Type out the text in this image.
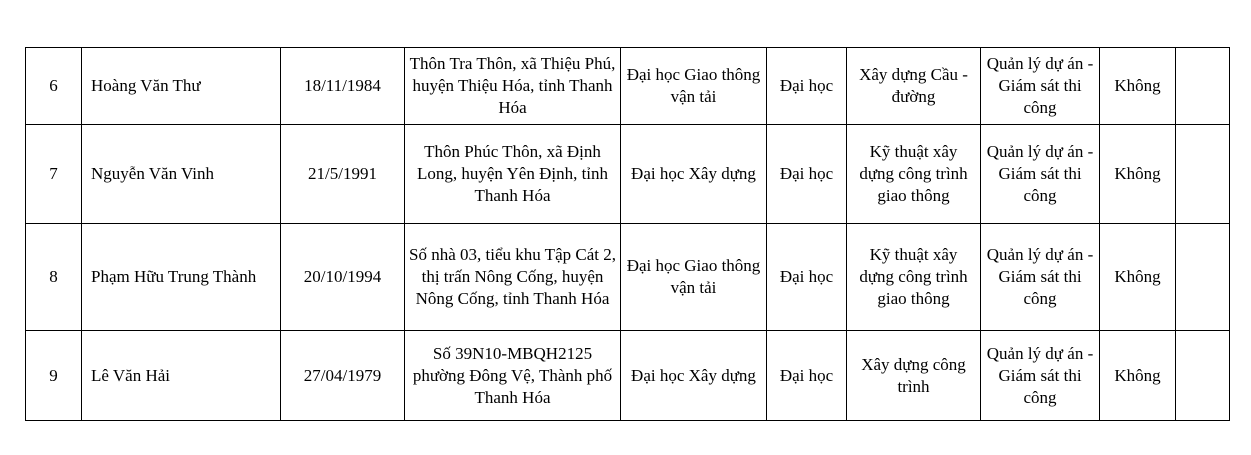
6	Hoàng Văn Thư	18/11/1984	Thôn Tra Thôn, xã Thiệu Phú, huyện Thiệu Hóa, tỉnh Thanh Hóa	Đại học Giao thông vận tải	Đại học	Xây dựng Cầu - đường	Quản lý dự án - Giám sát thi công	Không	
7	Nguyễn Văn Vinh	21/5/1991	Thôn Phúc Thôn, xã Định Long, huyện Yên Định, tỉnh Thanh Hóa	Đại học Xây dựng	Đại học	Kỹ thuật xây dựng công trình giao thông	Quản lý dự án - Giám sát thi công	Không	
8	Phạm Hữu Trung Thành	20/10/1994	Số nhà 03, tiểu khu Tập Cát 2, thị trấn Nông Cống, huyện Nông Cống, tỉnh Thanh Hóa	Đại học Giao thông vận tải	Đại học	Kỹ thuật xây dựng công trình giao thông	Quản lý dự án - Giám sát thi công	Không	
9	Lê Văn Hải	27/04/1979	Số 39N10-MBQH2125 phường Đông Vệ, Thành phố Thanh Hóa	Đại học Xây dựng	Đại học	Xây dựng công trình	Quản lý dự án - Giám sát thi công	Không	
